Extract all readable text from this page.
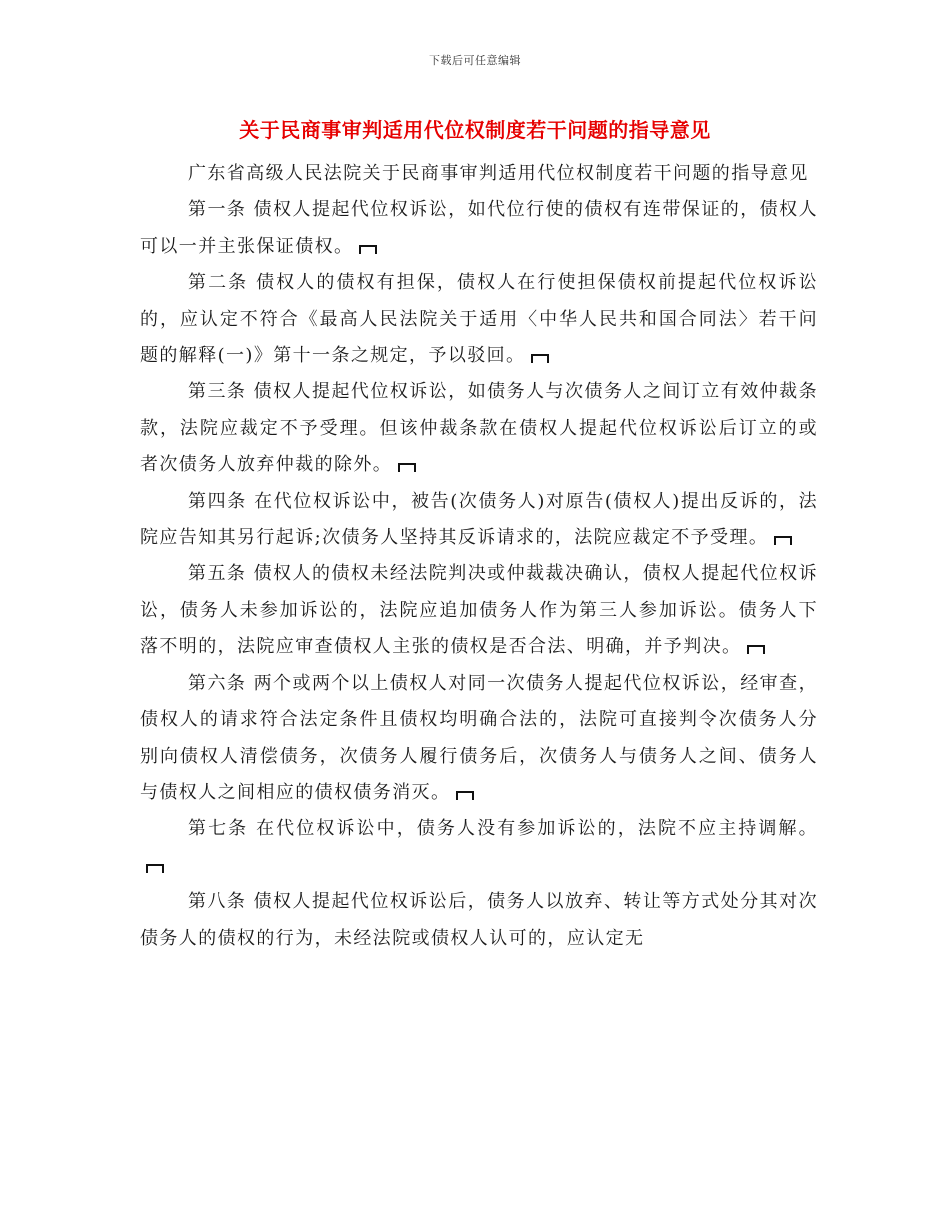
下载后可任意编辑
关于民商事审判适用代位权制度若干问题的指导意见

广东省高级人民法院关于民商事审判适用代位权制度若干问题的指导意见

第一条 债权人提起代位权诉讼，如代位行使的债权有连带保证的，债权人可以一并主张保证债权。

第二条 债权人的债权有担保，债权人在行使担保债权前提起代位权诉讼的，应认定不符合《最高人民法院关于适用〈中华人民共和国合同法〉若干问题的解释(一)》第十一条之规定，予以驳回。

第三条 债权人提起代位权诉讼，如债务人与次债务人之间订立有效仲裁条款，法院应裁定不予受理。但该仲裁条款在债权人提起代位权诉讼后订立的或者次债务人放弃仲裁的除外。

第四条 在代位权诉讼中，被告(次债务人)对原告(债权人)提出反诉的，法院应告知其另行起诉;次债务人坚持其反诉请求的，法院应裁定不予受理。

第五条 债权人的债权未经法院判决或仲裁裁决确认，债权人提起代位权诉讼，债务人未参加诉讼的，法院应追加债务人作为第三人参加诉讼。债务人下落不明的，法院应审查债权人主张的债权是否合法、明确，并予判决。

第六条 两个或两个以上债权人对同一次债务人提起代位权诉讼，经审查，债权人的请求符合法定条件且债权均明确合法的，法院可直接判令次债务人分别向债权人清偿债务，次债务人履行债务后，次债务人与债务人之间、债务人与债权人之间相应的债权债务消灭。

第七条 在代位权诉讼中，债务人没有参加诉讼的，法院不应主持调解。

第八条 债权人提起代位权诉讼后，债务人以放弃、转让等方式处分其对次债务人的债权的行为，未经法院或债权人认可的，应认定无
